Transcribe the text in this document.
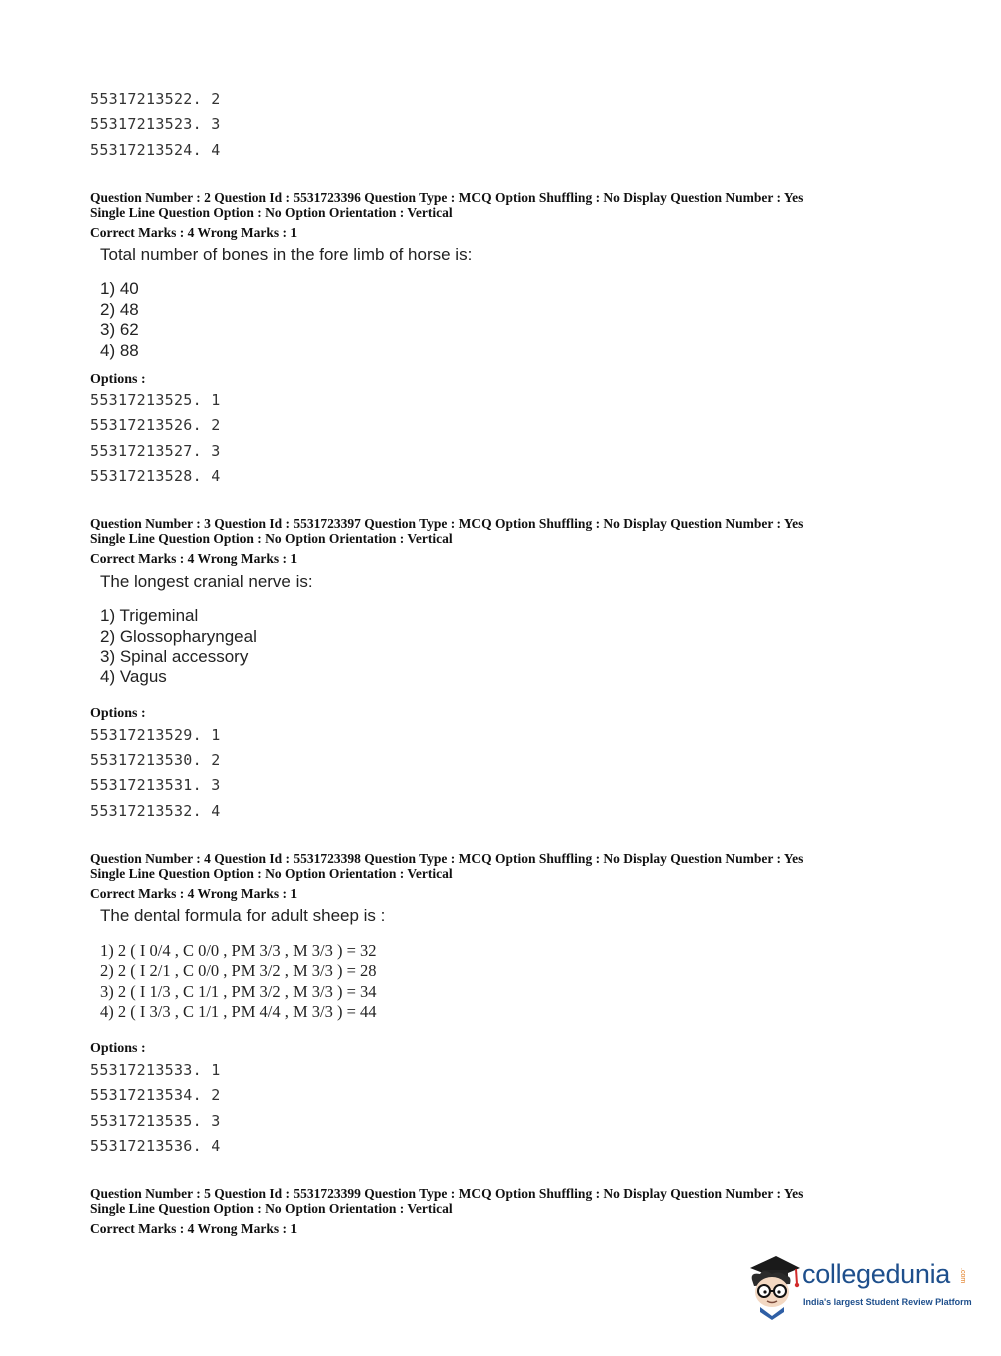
55317213522. 2
55317213523. 3
55317213524. 4
Question Number : 2 Question Id : 5531723396 Question Type : MCQ Option Shuffling : No Display Question Number : Yes
Single Line Question Option : No Option Orientation : Vertical
Correct Marks : 4 Wrong Marks : 1
Total number of bones in the fore limb of horse is:
1) 40
2) 48
3) 62
4) 88
Options :
55317213525. 1
55317213526. 2
55317213527. 3
55317213528. 4
Question Number : 3 Question Id : 5531723397 Question Type : MCQ Option Shuffling : No Display Question Number : Yes
Single Line Question Option : No Option Orientation : Vertical
Correct Marks : 4 Wrong Marks : 1
The longest cranial nerve is:
1) Trigeminal
2) Glossopharyngeal
3) Spinal accessory
4) Vagus
Options :
55317213529. 1
55317213530. 2
55317213531. 3
55317213532. 4
Question Number : 4 Question Id : 5531723398 Question Type : MCQ Option Shuffling : No Display Question Number : Yes
Single Line Question Option : No Option Orientation : Vertical
Correct Marks : 4 Wrong Marks : 1
The dental formula for adult sheep is :
1) 2 ( I 0/4 , C 0/0 , PM 3/3 , M 3/3 ) = 32
2) 2 ( I 2/1 , C 0/0 , PM 3/2 , M 3/3 ) = 28
3) 2 ( I 1/3 , C 1/1 , PM 3/2 , M 3/3 ) = 34
4) 2 ( I 3/3 , C 1/1 , PM 4/4 , M 3/3 ) = 44
Options :
55317213533. 1
55317213534. 2
55317213535. 3
55317213536. 4
Question Number : 5 Question Id : 5531723399 Question Type : MCQ Option Shuffling : No Display Question Number : Yes
Single Line Question Option : No Option Orientation : Vertical
Correct Marks : 4 Wrong Marks : 1
collegedunia .com
India's largest Student Review Platform
